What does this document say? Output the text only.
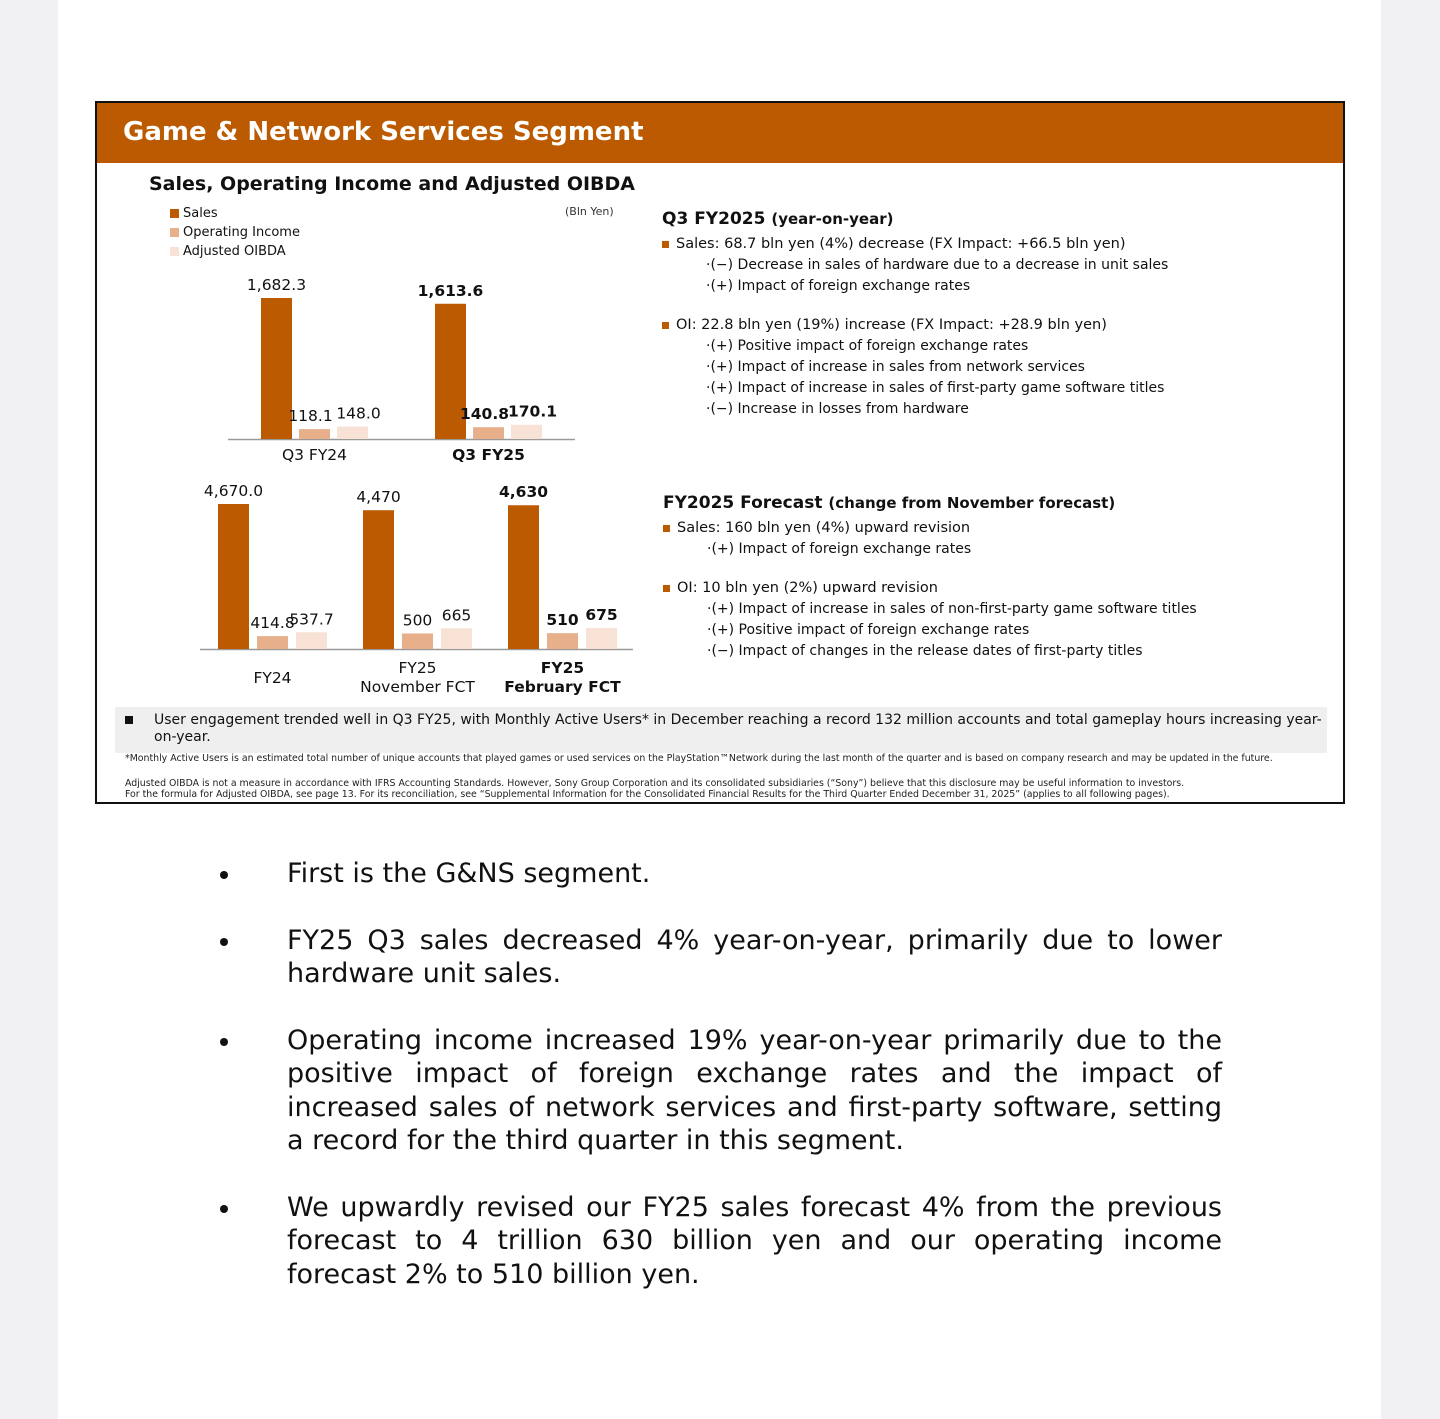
Game & Network Services Segment
Sales, Operating Income and Adjusted OIBDA
(Bln Yen)
Sales
Operating Income
Adjusted OIBDA
1,682.3
118.1 148.0
Q3 FY24
1,613.6
140.8
170.1
Q3 FY25
4,670.0
414.8
537.7
FY24
4,470
500 665
FY25
November FCT
4,630
510 675
FY25
February FCT
Q3 FY2025 (year-on-year)
Sales: 68.7 bln yen (4%) decrease (FX Impact: +66.5 bln yen)
·(−) Decrease in sales of hardware due to a decrease in unit sales
·(+) Impact of foreign exchange rates
OI: 22.8 bln yen (19%) increase (FX Impact: +28.9 bln yen)
·(+) Positive impact of foreign exchange rates
·(+) Impact of increase in sales from network services
·(+) Impact of increase in sales of first-party game software titles
·(−) Increase in losses from hardware
FY2025 Forecast (change from November forecast)
Sales: 160 bln yen (4%) upward revision
·(+) Impact of foreign exchange rates
OI: 10 bln yen (2%) upward revision
·(+) Impact of increase in sales of non-first-party game software titles
·(+) Positive impact of foreign exchange rates
·(−) Impact of changes in the release dates of first-party titles
User engagement trended well in Q3 FY25, with Monthly Active Users* in December reaching a record 132 million accounts and total gameplay hours increasing year-on-year.
*Monthly Active Users is an estimated total number of unique accounts that played games or used services on the PlayStation™Network during the last month of the quarter and is based on company research and may be updated in the future.
Adjusted OIBDA is not a measure in accordance with IFRS Accounting Standards. However, Sony Group Corporation and its consolidated subsidiaries (“Sony”) believe that this disclosure may be useful information to investors.
For the formula for Adjusted OIBDA, see page 13. For its reconciliation, see “Supplemental Information for the Consolidated Financial Results for the Third Quarter Ended December 31, 2025” (applies to all following pages).
First is the G&NS segment.
FY25 Q3 sales decreased 4% year-on-year, primarily due to lower hardware unit sales.
Operating income increased 19% year-on-year primarily due to the positive impact of foreign exchange rates and the impact of increased sales of network services and first-party software, setting a record for the third quarter in this segment.
We upwardly revised our FY25 sales forecast 4% from the previous forecast to 4 trillion 630 billion yen and our operating income forecast 2% to 510 billion yen.
